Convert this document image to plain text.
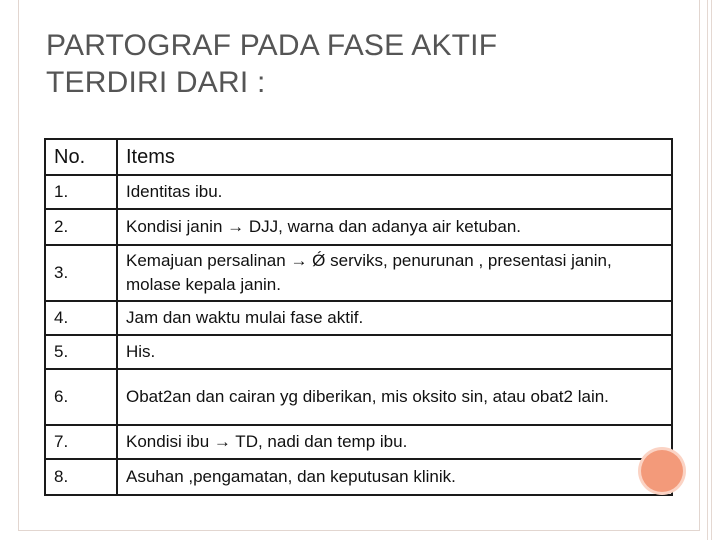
PARTOGRAF PADA FASE AKTIF
TERDIRI DARI :
No.	Items
1.	Identitas ibu.
2.	Kondisi janin → DJJ, warna dan adanya air ketuban.
3.	Kemajuan persalinan → Ǿ serviks, penurunan , presentasi janin, molase kepala janin.
4.	Jam dan waktu mulai fase aktif.
5.	His.
6.	Obat2an dan cairan yg diberikan, mis oksito sin, atau obat2 lain.
7.	Kondisi ibu → TD, nadi dan temp ibu.
8.	Asuhan ,pengamatan, dan keputusan klinik.
